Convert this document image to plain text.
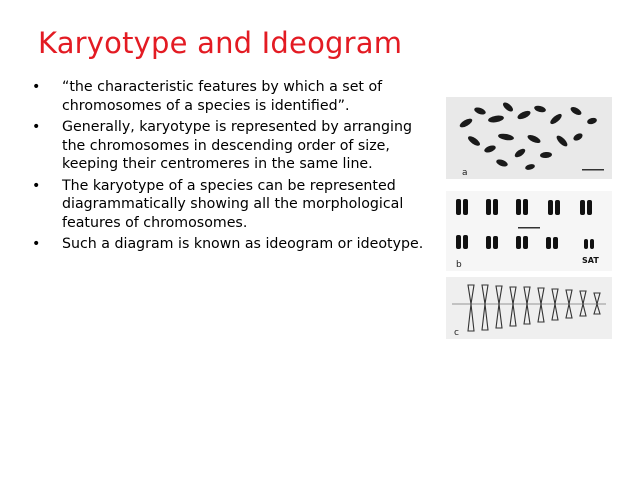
Karyotype and Ideogram
• “the characteristic features by which a set of chromosomes of a species is identified”.
• Generally, karyotype is represented by arranging the chromosomes in descending order of size, keeping their centromeres in the same line.
• The karyotype of a species can be represented diagrammatically showing all the morphological features of chromosomes.
• Such a diagram is known as ideogram or ideotype.
a
b	SAT
c
